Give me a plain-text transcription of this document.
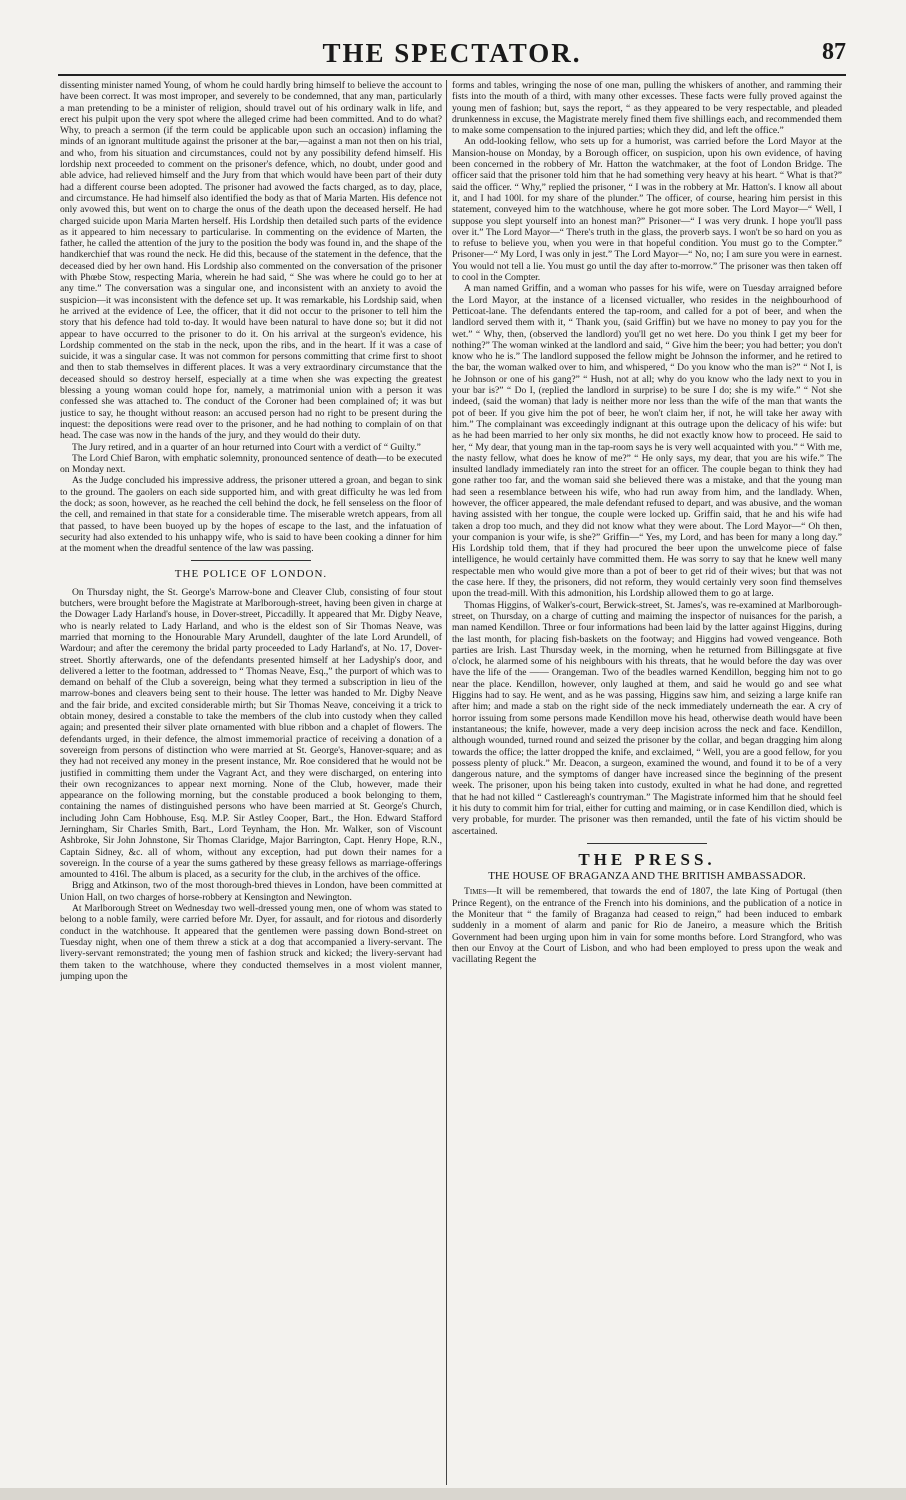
THE SPECTATOR.	87

dissenting minister named Young, of whom he could hardly bring himself to believe the account to have been correct. It was most improper, and severely to be condemned, that any man, particularly a man pretending to be a minister of religion, should travel out of his ordinary walk in life, and erect his pulpit upon the very spot where the alleged crime had been committed. And to do what? Why, to preach a sermon (if the term could be applicable upon such an occasion) inflaming the minds of an ignorant multitude against the prisoner at the bar,—against a man not then on his trial, and who, from his situation and circumstances, could not by any possibility defend himself. His lordship next proceeded to comment on the prisoner's defence, which, no doubt, under good and able advice, had relieved himself and the Jury from that which would have been part of their duty had a different course been adopted. The prisoner had avowed the facts charged, as to day, place, and circumstance. He had himself also identified the body as that of Maria Marten. His defence not only avowed this, but went on to charge the onus of the death upon the deceased herself. He had charged suicide upon Maria Marten herself. His Lordship then detailed such parts of the evidence as it appeared to him necessary to particularise. In commenting on the evidence of Marten, the father, he called the attention of the jury to the position the body was found in, and the shape of the handkerchief that was round the neck. He did this, because of the statement in the defence, that the deceased died by her own hand. His Lordship also commented on the conversation of the prisoner with Phœbe Stow, respecting Maria, wherein he had said, “ She was where he could go to her at any time.” The conversation was a singular one, and inconsistent with an anxiety to avoid the suspicion—it was inconsistent with the defence set up. It was remarkable, his Lordship said, when he arrived at the evidence of Lee, the officer, that it did not occur to the prisoner to tell him the story that his defence had told to-day. It would have been natural to have done so; but it did not appear to have occurred to the prisoner to do it. On his arrival at the surgeon's evidence, his Lordship commented on the stab in the neck, upon the ribs, and in the heart. If it was a case of suicide, it was a singular case. It was not common for persons committing that crime first to shoot and then to stab themselves in different places. It was a very extraordinary circumstance that the deceased should so destroy herself, especially at a time when she was expecting the greatest blessing a young woman could hope for, namely, a matrimonial union with a person it was confessed she was attached to. The conduct of the Coroner had been complained of; it was but justice to say, he thought without reason: an accused person had no right to be present during the inquest: the depositions were read over to the prisoner, and he had nothing to complain of on that head. The case was now in the hands of the jury, and they would do their duty.

The Jury retired, and in a quarter of an hour returned into Court with a verdict of “ Guilty.”

The Lord Chief Baron, with emphatic solemnity, pronounced sentence of death—to be executed on Monday next.

As the Judge concluded his impressive address, the prisoner uttered a groan, and began to sink to the ground. The gaolers on each side supported him, and with great difficulty he was led from the dock; as soon, however, as he reached the cell behind the dock, he fell senseless on the floor of the cell, and remained in that state for a considerable time. The miserable wretch appears, from all that passed, to have been buoyed up by the hopes of escape to the last, and the infatuation of security had also extended to his unhappy wife, who is said to have been cooking a dinner for him at the moment when the dreadful sentence of the law was passing.

THE POLICE OF LONDON.

On Thursday night, the St. George's Marrow-bone and Cleaver Club, consisting of four stout butchers, were brought before the Magistrate at Marlborough-street, having been given in charge at the Dowager Lady Harland's house, in Dover-street, Piccadilly. It appeared that Mr. Digby Neave, who is nearly related to Lady Harland, and who is the eldest son of Sir Thomas Neave, was married that morning to the Honourable Mary Arundell, daughter of the late Lord Arundell, of Wardour; and after the ceremony the bridal party proceeded to Lady Harland's, at No. 17, Dover-street. Shortly afterwards, one of the defendants presented himself at her Ladyship's door, and delivered a letter to the footman, addressed to “ Thomas Neave, Esq.,” the purport of which was to demand on behalf of the Club a sovereign, being what they termed a subscription in lieu of the marrow-bones and cleavers being sent to their house. The letter was handed to Mr. Digby Neave and the fair bride, and excited considerable mirth; but Sir Thomas Neave, conceiving it a trick to obtain money, desired a constable to take the members of the club into custody when they called again; and presented their silver plate ornamented with blue ribbon and a chaplet of flowers. The defendants urged, in their defence, the almost immemorial practice of receiving a donation of a sovereign from persons of distinction who were married at St. George's, Hanover-square; and as they had not received any money in the present instance, Mr. Roe considered that he would not be justified in committing them under the Vagrant Act, and they were discharged, on entering into their own recognizances to appear next morning. None of the Club, however, made their appearance on the following morning, but the constable produced a book belonging to them, containing the names of distinguished persons who have been married at St. George's Church, including John Cam Hobhouse, Esq. M.P. Sir Astley Cooper, Bart., the Hon. Edward Stafford Jerningham, Sir Charles Smith, Bart., Lord Teynham, the Hon. Mr. Walker, son of Viscount Ashbroke, Sir John Johnstone, Sir Thomas Claridge, Major Barrington, Capt. Henry Hope, R.N., Captain Sidney, &c. all of whom, without any exception, had put down their names for a sovereign. In the course of a year the sums gathered by these greasy fellows as marriage-offerings amounted to 416l. The album is placed, as a security for the club, in the archives of the office.

Brigg and Atkinson, two of the most thorough-bred thieves in London, have been committed at Union Hall, on two charges of horse-robbery at Kensington and Newington.

At Marlborough Street on Wednesday two well-dressed young men, one of whom was stated to belong to a noble family, were carried before Mr. Dyer, for assault, and for riotous and disorderly conduct in the watchhouse. It appeared that the gentlemen were passing down Bond-street on Tuesday night, when one of them threw a stick at a dog that accompanied a livery-servant. The livery-servant remonstrated; the young men of fashion struck and kicked; the livery-servant had them taken to the watchhouse, where they conducted themselves in a most violent manner, jumping upon the

forms and tables, wringing the nose of one man, pulling the whiskers of another, and ramming their fists into the mouth of a third, with many other excesses. These facts were fully proved against the young men of fashion; but, says the report, “ as they appeared to be very respectable, and pleaded drunkenness in excuse, the Magistrate merely fined them five shillings each, and recommended them to make some compensation to the injured parties; which they did, and left the office.”

An odd-looking fellow, who sets up for a humorist, was carried before the Lord Mayor at the Mansion-house on Monday, by a Borough officer, on suspicion, upon his own evidence, of having been concerned in the robbery of Mr. Hatton the watchmaker, at the foot of London Bridge. The officer said that the prisoner told him that he had something very heavy at his heart. “ What is that?” said the officer. “ Why,” replied the prisoner, “ I was in the robbery at Mr. Hatton's. I know all about it, and I had 100l. for my share of the plunder.” The officer, of course, hearing him persist in this statement, conveyed him to the watchhouse, where he got more sober. The Lord Mayor—“ Well, I suppose you slept yourself into an honest man?” Prisoner—“ I was very drunk. I hope you'll pass over it.” The Lord Mayor—“ There's truth in the glass, the proverb says. I won't be so hard on you as to refuse to believe you, when you were in that hopeful condition. You must go to the Compter.” Prisoner—“ My Lord, I was only in jest.” The Lord Mayor—“ No, no; I am sure you were in earnest. You would not tell a lie. You must go until the day after to-morrow.” The prisoner was then taken off to cool in the Compter.

A man named Griffin, and a woman who passes for his wife, were on Tuesday arraigned before the Lord Mayor, at the instance of a licensed victualler, who resides in the neighbourhood of Petticoat-lane. The defendants entered the tap-room, and called for a pot of beer, and when the landlord served them with it, “ Thank you, (said Griffin) but we have no money to pay you for the wet.” “ Why, then, (observed the landlord) you'll get no wet here. Do you think I get my beer for nothing?” The woman winked at the landlord and said, “ Give him the beer; you had better; you don't know who he is.” The landlord supposed the fellow might be Johnson the informer, and he retired to the bar, the woman walked over to him, and whispered, “ Do you know who the man is?” “ Not I, is he Johnson or one of his gang?” “ Hush, not at all; why do you know who the lady next to you in your bar is?” “ Do I, (replied the landlord in surprise) to be sure I do; she is my wife.” “ Not she indeed, (said the woman) that lady is neither more nor less than the wife of the man that wants the pot of beer. If you give him the pot of beer, he won't claim her, if not, he will take her away with him.” The complainant was exceedingly indignant at this outrage upon the delicacy of his wife: but as he had been married to her only six months, he did not exactly know how to proceed. He said to her, “ My dear, that young man in the tap-room says he is very well acquainted with you.” “ With me, the nasty fellow, what does he know of me?” “ He only says, my dear, that you are his wife.” The insulted landlady immediately ran into the street for an officer. The couple began to think they had gone rather too far, and the woman said she believed there was a mistake, and that the young man had seen a resemblance between his wife, who had run away from him, and the landlady. When, however, the officer appeared, the male defendant refused to depart, and was abusive, and the woman having assisted with her tongue, the couple were locked up. Griffin said, that he and his wife had taken a drop too much, and they did not know what they were about. The Lord Mayor—“ Oh then, your companion is your wife, is she?” Griffin—“ Yes, my Lord, and has been for many a long day.” His Lordship told them, that if they had procured the beer upon the unwelcome piece of false intelligence, he would certainly have committed them. He was sorry to say that he knew well many respectable men who would give more than a pot of beer to get rid of their wives; but that was not the case here. If they, the prisoners, did not reform, they would certainly very soon find themselves upon the tread-mill. With this admonition, his Lordship allowed them to go at large.

Thomas Higgins, of Walker's-court, Berwick-street, St. James's, was re-examined at Marlborough-street, on Thursday, on a charge of cutting and maiming the inspector of nuisances for the parish, a man named Kendillon. Three or four informations had been laid by the latter against Higgins, during the last month, for placing fish-baskets on the footway; and Higgins had vowed vengeance. Both parties are Irish. Last Thursday week, in the morning, when he returned from Billingsgate at five o'clock, he alarmed some of his neighbours with his threats, that he would before the day was over have the life of the —— Orangeman. Two of the beadles warned Kendillon, begging him not to go near the place. Kendillon, however, only laughed at them, and said he would go and see what Higgins had to say. He went, and as he was passing, Higgins saw him, and seizing a large knife ran after him; and made a stab on the right side of the neck immediately underneath the ear. A cry of horror issuing from some persons made Kendillon move his head, otherwise death would have been instantaneous; the knife, however, made a very deep incision across the neck and face. Kendillon, although wounded, turned round and seized the prisoner by the collar, and began dragging him along towards the office; the latter dropped the knife, and exclaimed, “ Well, you are a good fellow, for you possess plenty of pluck.” Mr. Deacon, a surgeon, examined the wound, and found it to be of a very dangerous nature, and the symptoms of danger have increased since the beginning of the present week. The prisoner, upon his being taken into custody, exulted in what he had done, and regretted that he had not killed “ Castlereagh's countryman.” The Magistrate informed him that he should feel it his duty to commit him for trial, either for cutting and maiming, or in case Kendillon died, which is very probable, for murder. The prisoner was then remanded, until the fate of his victim should be ascertained.

THE PRESS.
THE HOUSE OF BRAGANZA AND THE BRITISH AMBASSADOR.

Times—It will be remembered, that towards the end of 1807, the late King of Portugal (then Prince Regent), on the entrance of the French into his dominions, and the publication of a notice in the Moniteur that “ the family of Braganza had ceased to reign,” had been induced to embark suddenly in a moment of alarm and panic for Rio de Janeiro, a measure which the British Government had been urging upon him in vain for some months before. Lord Strangford, who was then our Envoy at the Court of Lisbon, and who had been employed to press upon the weak and vacillating Regent the
